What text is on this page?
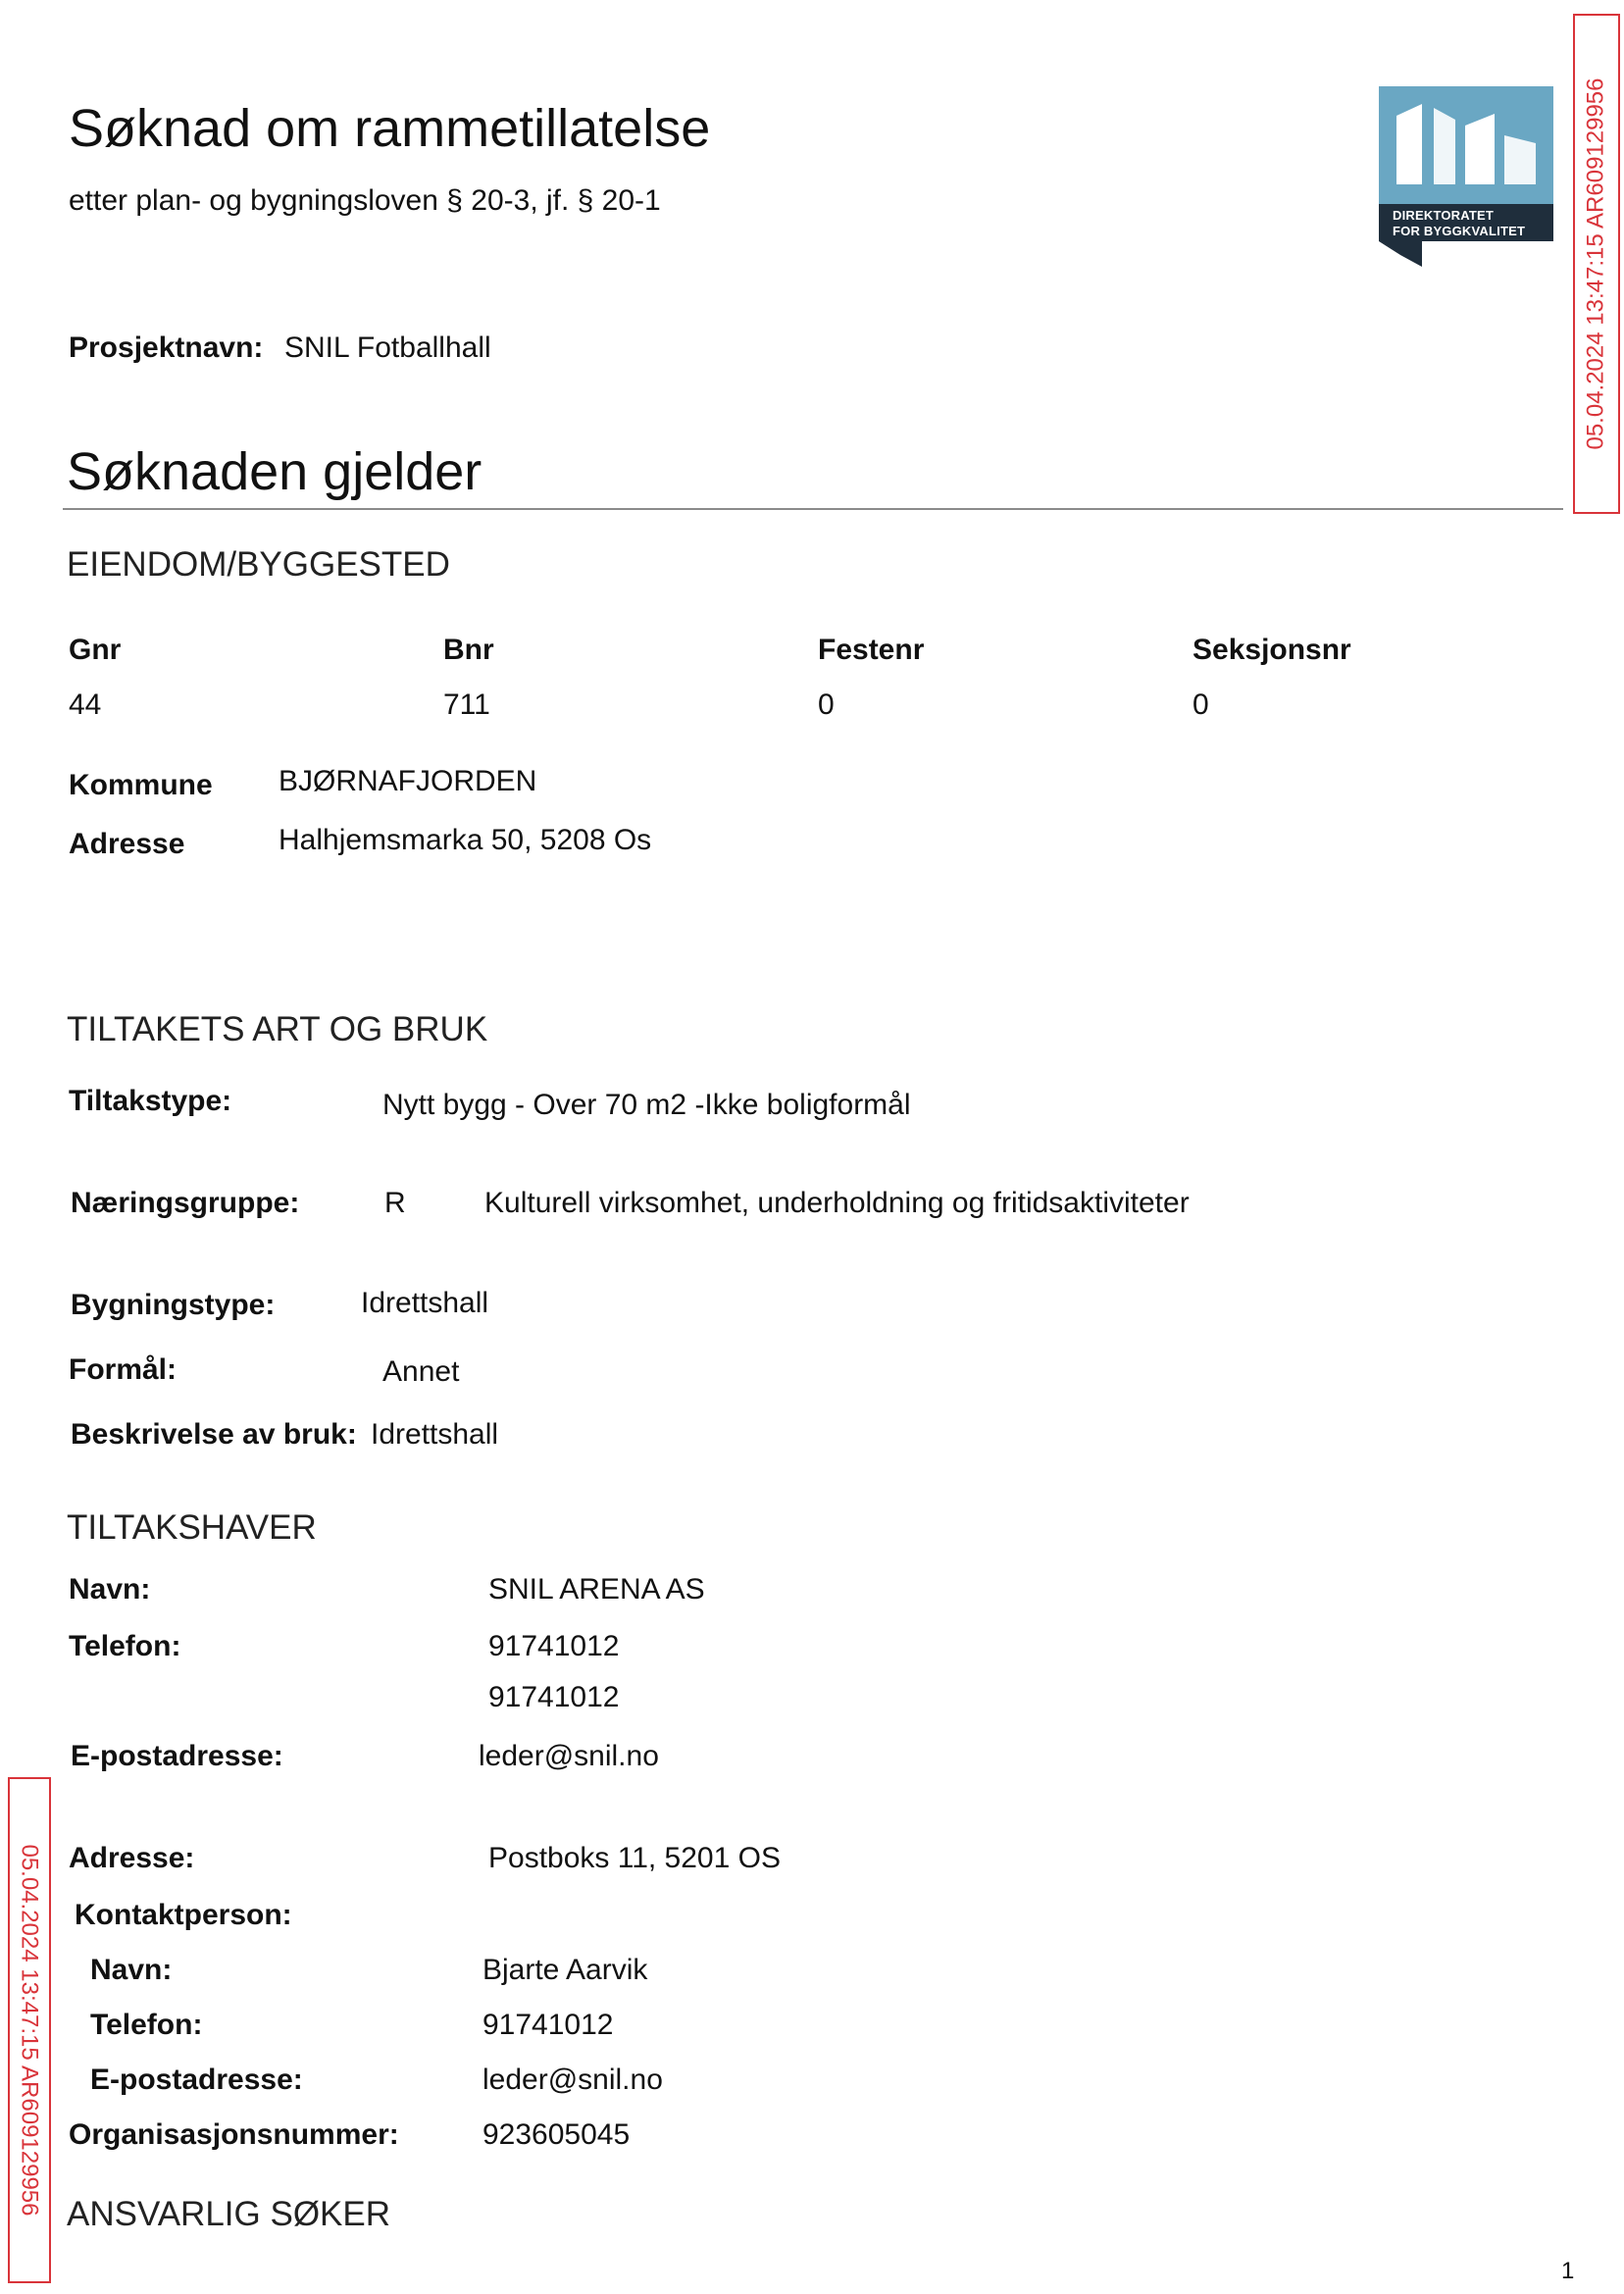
Søknad om rammetillatelse
etter plan- og bygningsloven § 20-3, jf. § 20-1
Prosjektnavn: SNIL Fotballhall
DIREKTORATET
FOR BYGGKVALITET 05.04.2024 13:47:15 AR609129956
05.04.2024 13:47:15 AR609129956
Søknaden gjelder
EIENDOM/BYGGESTED
Gnr	Bnr	Festenr	Seksjonsnr
44	711	0	0
Kommune BJØRNAFJORDEN
Adresse	Halhjemsmarka 50, 5208 Os
TILTAKETS ART OG BRUK
Tiltakstype:	Nytt bygg - Over 70 m2 -Ikke boligformål
Næringsgruppe:	R	Kulturell virksomhet, underholdning og fritidsaktiviteter
Bygningstype:	Idrettshall
Formål:	Annet
Beskrivelse av bruk: Idrettshall
TILTAKSHAVER
Navn:	SNIL ARENA AS
Telefon:	91741012
91741012
E-postadresse:	leder@snil.no
Adresse:	Postboks 11, 5201 OS
Kontaktperson:
Navn:	Bjarte Aarvik
Telefon:	91741012
E-postadresse:	leder@snil.no
Organisasjonsnummer:	923605045
ANSVARLIG SØKER
1
